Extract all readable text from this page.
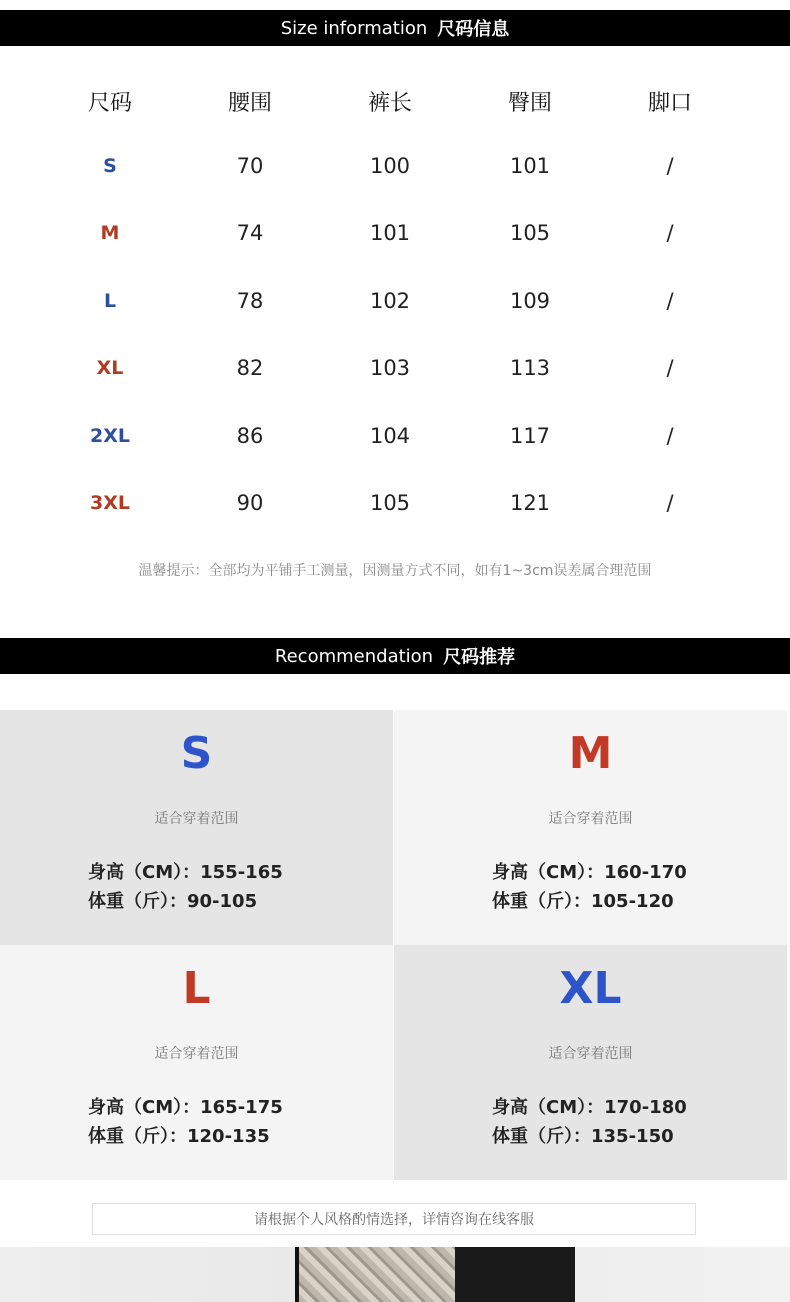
Size information 尺码信息
尺码	腰围	裤长	臀围	脚口
S	70	100	101	/
M	74	101	105	/
L	78	102	109	/
XL	82	103	113	/
2XL	86	104	117	/
3XL	90	105	121	/
温馨提示：全部均为平铺手工测量，因测量方式不同，如有1~3cm误差属合理范围
Recommendation 尺码推荐
S
适合穿着范围
身高（CM）：155-165
体重（斤）：90-105
M
适合穿着范围
身高（CM）：160-170
体重（斤）：105-120
L
适合穿着范围
身高（CM）：165-175
体重（斤）：120-135
XL
适合穿着范围
身高（CM）：170-180
体重（斤）：135-150
请根据个人风格酌情选择，详情咨询在线客服
